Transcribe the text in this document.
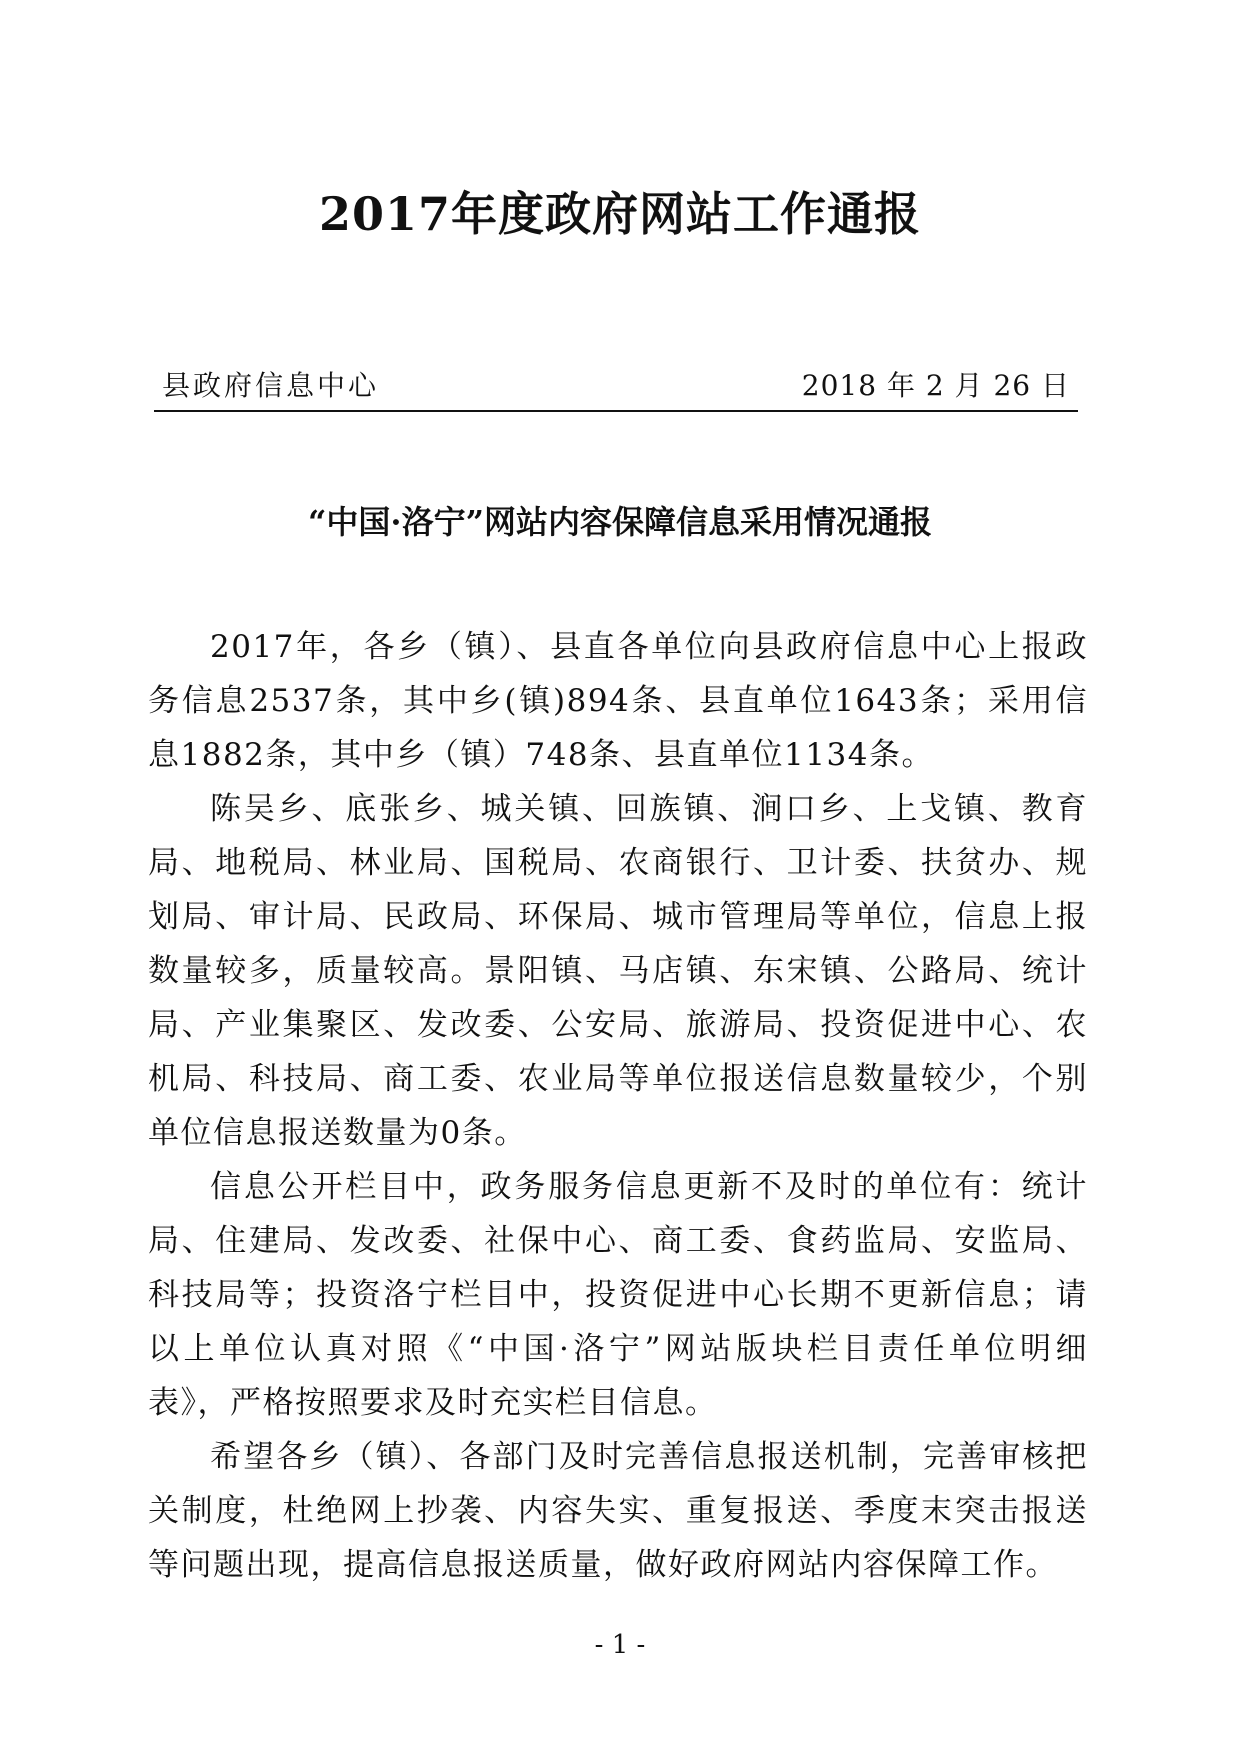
2017年度政府网站工作通报
县政府信息中心	2018 年 2 月 26 日
“中国·洛宁”网站内容保障信息采用情况通报

2017年，各乡（镇）、县直各单位向县政府信息中心上报政务信息2537条，其中乡(镇)894条、县直单位1643条；采用信息1882条，其中乡（镇）748条、县直单位1134条。

陈吴乡、底张乡、城关镇、回族镇、涧口乡、上戈镇、教育局、地税局、林业局、国税局、农商银行、卫计委、扶贫办、规划局、审计局、民政局、环保局、城市管理局等单位，信息上报数量较多，质量较高。景阳镇、马店镇、东宋镇、公路局、统计局、产业集聚区、发改委、公安局、旅游局、投资促进中心、农机局、科技局、商工委、农业局等单位报送信息数量较少，个别单位信息报送数量为0条。

信息公开栏目中，政务服务信息更新不及时的单位有：统计局、住建局、发改委、社保中心、商工委、食药监局、安监局、科技局等；投资洛宁栏目中，投资促进中心长期不更新信息；请以上单位认真对照《“中国·洛宁”网站版块栏目责任单位明细表》，严格按照要求及时充实栏目信息。

希望各乡（镇）、各部门及时完善信息报送机制，完善审核把关制度，杜绝网上抄袭、内容失实、重复报送、季度末突击报送等问题出现，提高信息报送质量，做好政府网站内容保障工作。

- 1 -
